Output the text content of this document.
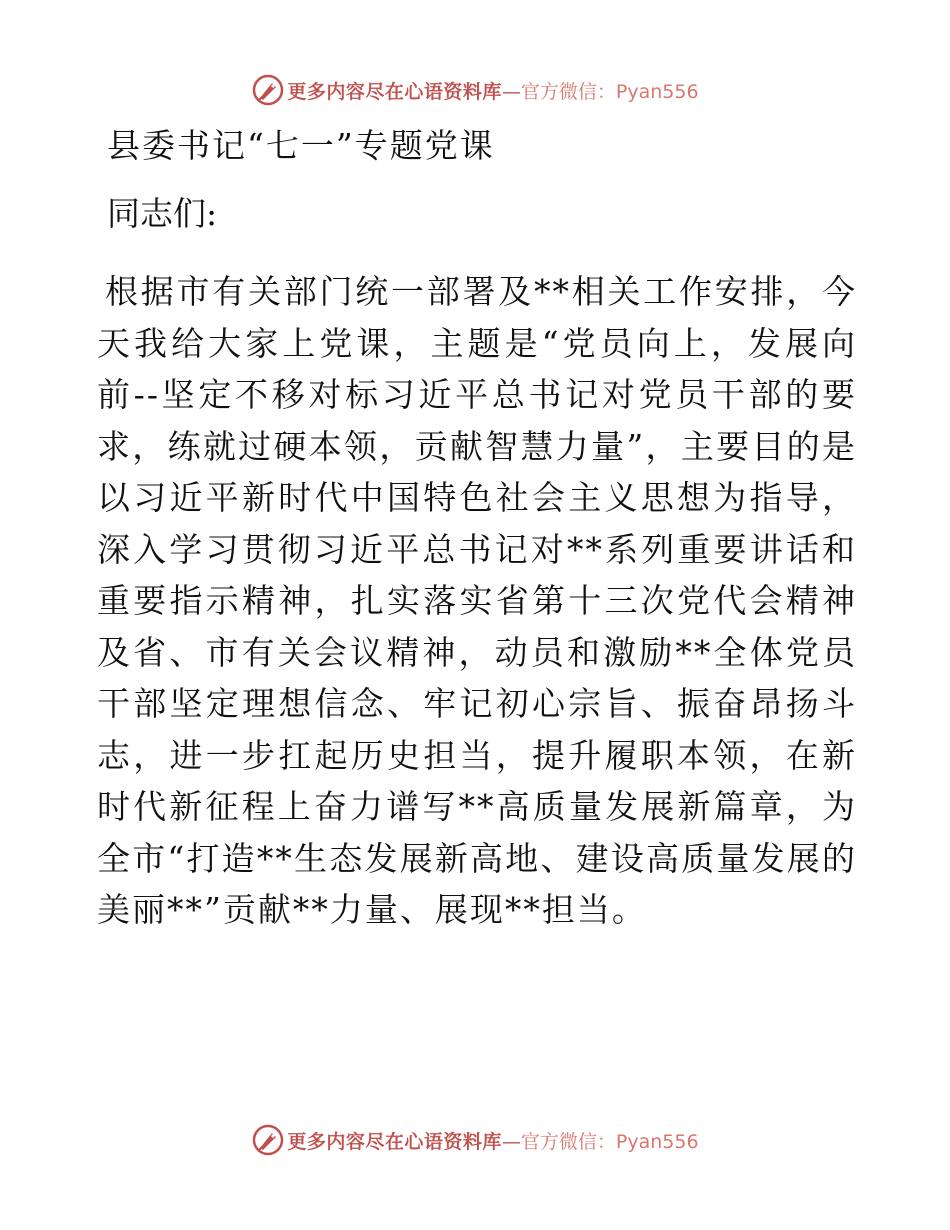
更多内容尽在心语资料库—官方微信：Pyan556
县委书记“七一”专题党课

同志们:

根据市有关部门统一部署及**相关工作安排，今天我给大家上党课，主题是“党员向上，发展向前--坚定不移对标习近平总书记对党员干部的要求，练就过硬本领，贡献智慧力量”，主要目的是以习近平新时代中国特色社会主义思想为指导，深入学习贯彻习近平总书记对**系列重要讲话和重要指示精神，扎实落实省第十三次党代会精神及省、市有关会议精神，动员和激励**全体党员干部坚定理想信念、牢记初心宗旨、振奋昂扬斗志，进一步扛起历史担当，提升履职本领，在新时代新征程上奋力谱写**高质量发展新篇章，为全市“打造**生态发展新高地、建设高质量发展的美丽**”贡献**力量、展现**担当。

更多内容尽在心语资料库—官方微信：Pyan556
